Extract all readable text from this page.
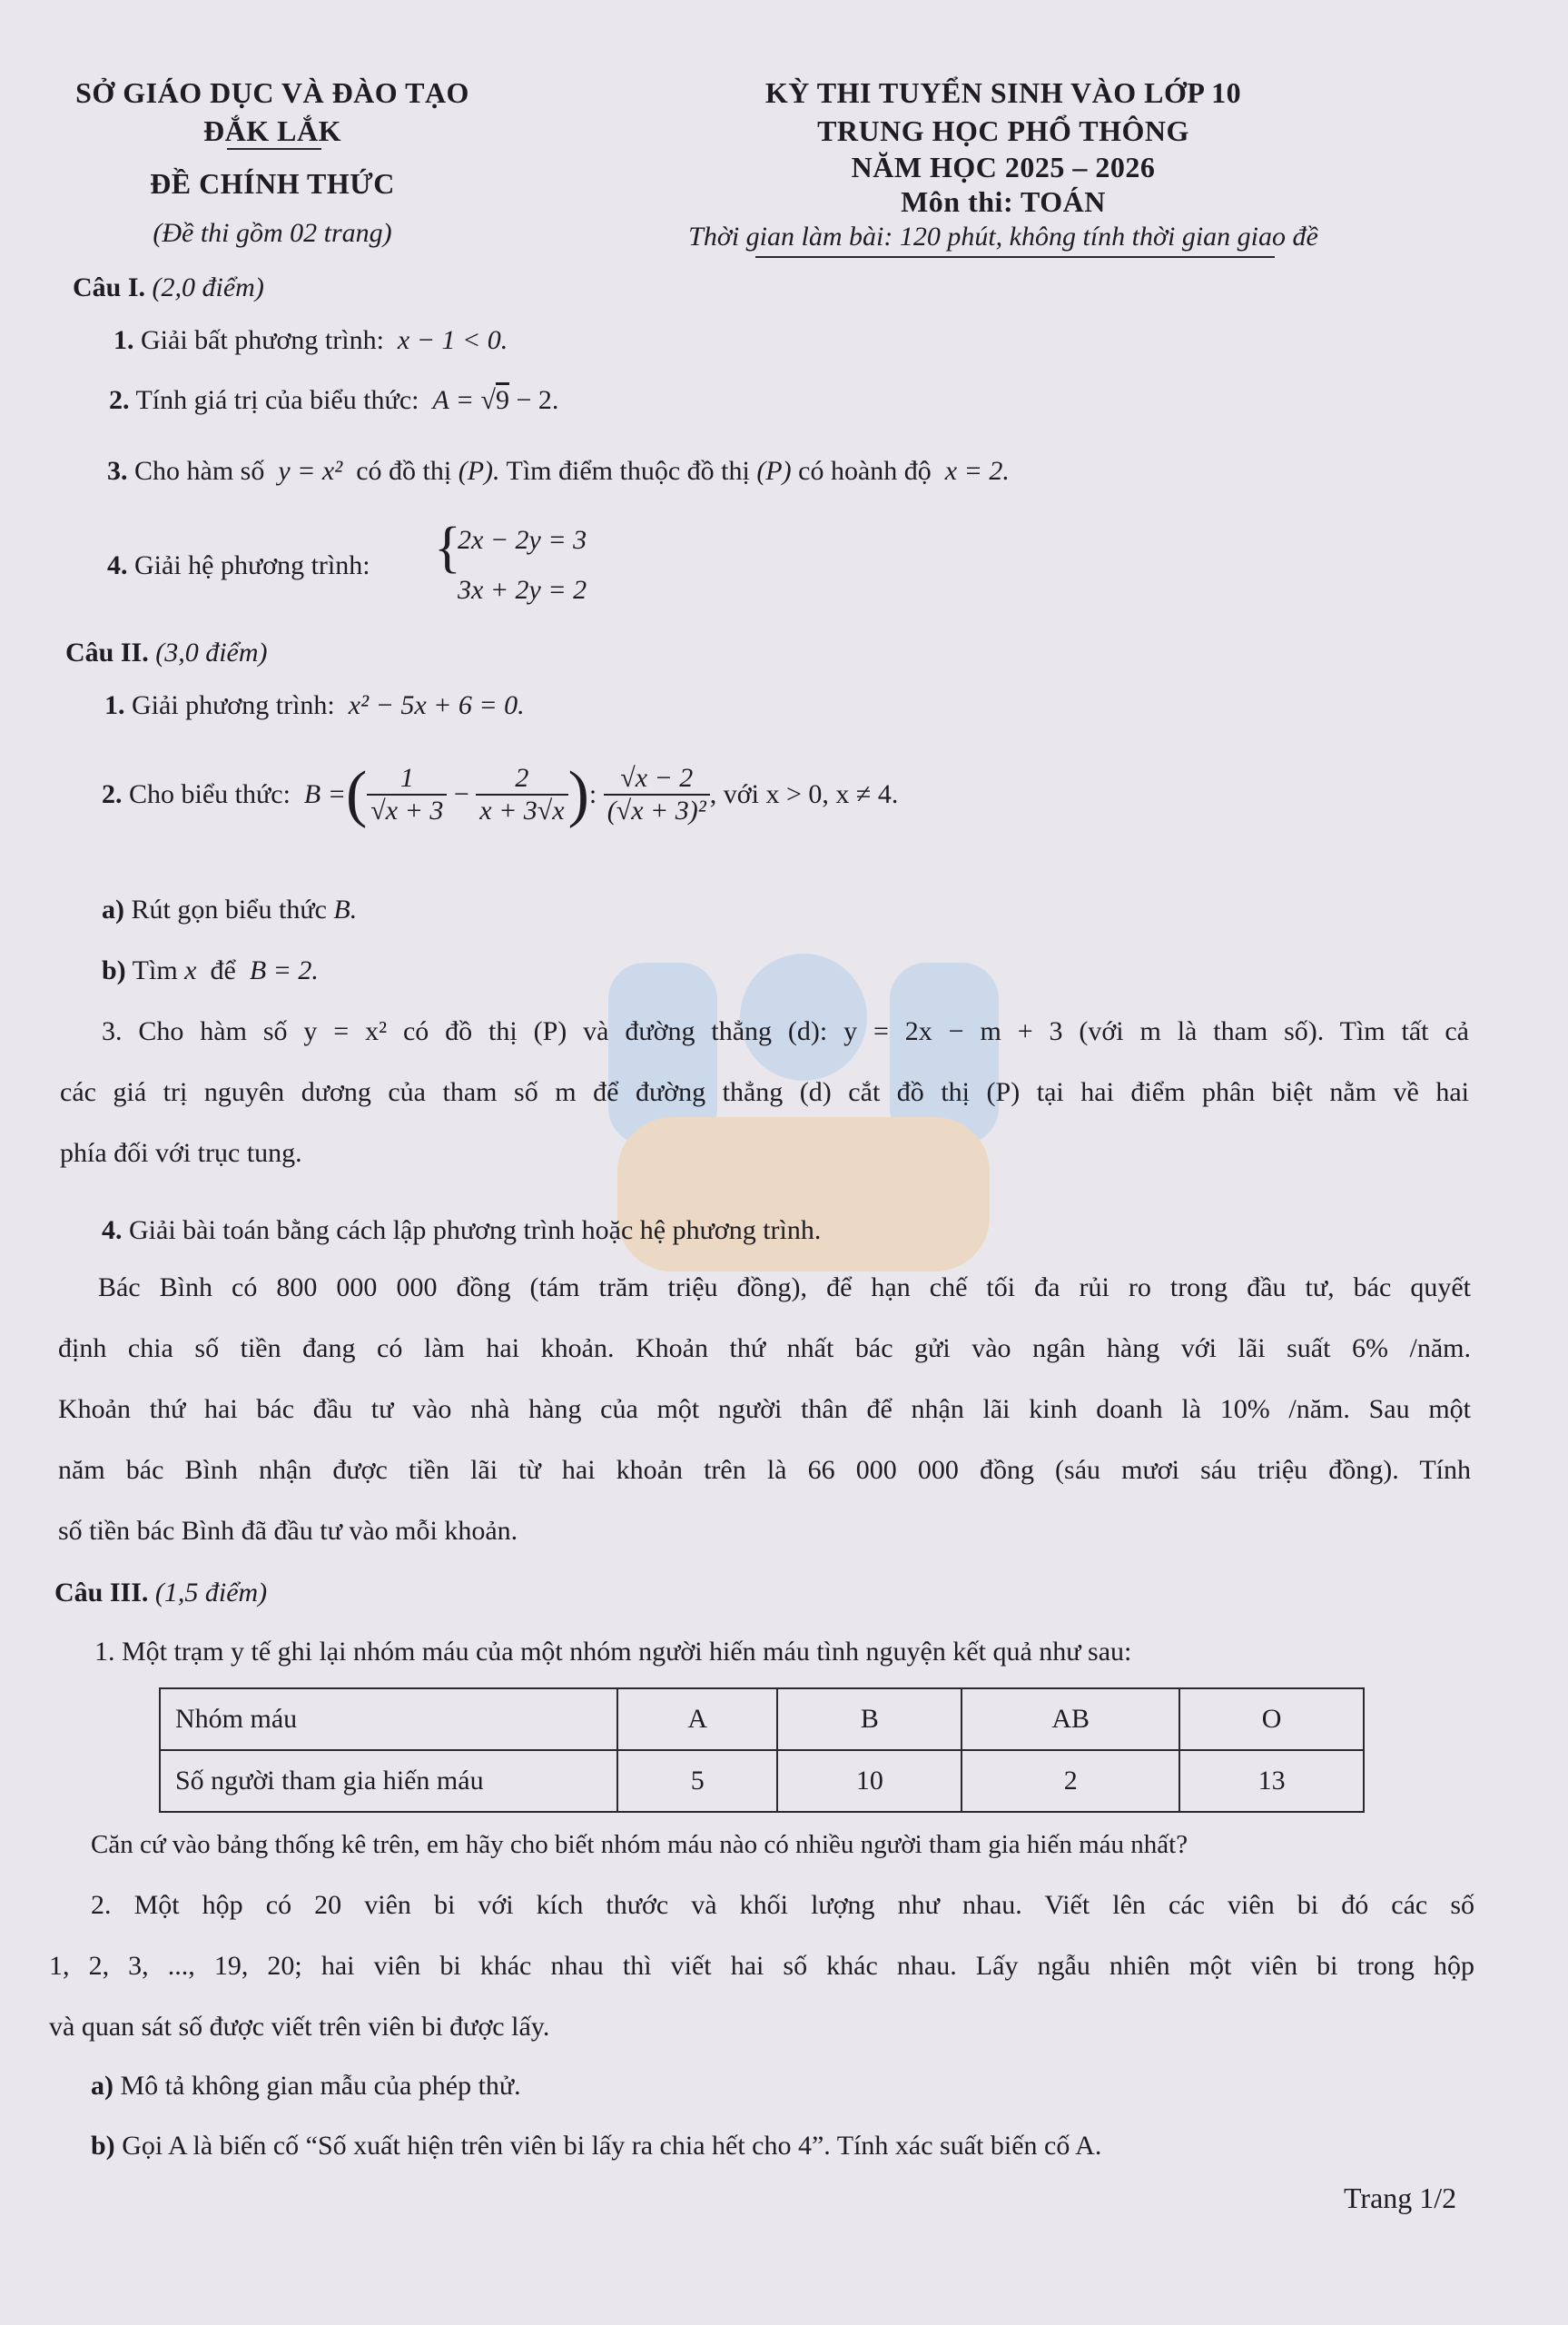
SỞ GIÁO DỤC VÀ ĐÀO TẠO
ĐẮK LẮK
ĐỀ CHÍNH THỨC
(Đề thi gồm 02 trang)
KỲ THI TUYỂN SINH VÀO LỚP 10
TRUNG HỌC PHỔ THÔNG
NĂM HỌC 2025 – 2026
Môn thi: TOÁN
Thời gian làm bài: 120 phút, không tính thời gian giao đề
Câu I. (2,0 điểm)
1. Giải bất phương trình: x − 1 < 0.
2. Tính giá trị của biểu thức: A = √9 − 2.
3. Cho hàm số y = x² có đồ thị (P). Tìm điểm thuộc đồ thị (P) có hoành độ x = 2.
4. Giải hệ phương trình: {
2x − 2y = 3
3x + 2y = 2
Câu II. (3,0 điểm)
1. Giải phương trình: x² − 5x + 6 = 0.
2.
Cho biểu thức:
B = ( $\frac{1}{√x + 3} - \frac{2}{x + 3√x}$ ) : $\frac{√x - 2}{\text{(√x + 3)²}}$ , với x > 0, x ≠ 4.
a) Rút gọn biểu thức B.
b) Tìm x để B = 2.
3. Cho hàm số y = x² có đồ thị (P) và đường thẳng (d): y = 2x − m + 3 (với m là tham số). Tìm tất cả
các giá trị nguyên dương của tham số m để đường thẳng (d) cắt đồ thị (P) tại hai điểm phân biệt nằm về hai
phía đối với trục tung.
4. Giải bài toán bằng cách lập phương trình hoặc hệ phương trình.
Bác Bình có 800 000 000 đồng (tám trăm triệu đồng), để hạn chế tối đa rủi ro trong đầu tư, bác quyết
định chia số tiền đang có làm hai khoản. Khoản thứ nhất bác gửi vào ngân hàng với lãi suất 6% /năm.
Khoản thứ hai bác đầu tư vào nhà hàng của một người thân để nhận lãi kinh doanh là 10% /năm. Sau một
năm bác Bình nhận được tiền lãi từ hai khoản trên là 66 000 000 đồng (sáu mươi sáu triệu đồng). Tính
số tiền bác Bình đã đầu tư vào mỗi khoản.
Câu III. (1,5 điểm)
1. Một trạm y tế ghi lại nhóm máu của một nhóm người hiến máu tình nguyện kết quả như sau:
Nhóm máu	A	B	AB	O
Số người tham gia hiến máu	5	10	2	13
Căn cứ vào bảng thống kê trên, em hãy cho biết nhóm máu nào có nhiều người tham gia hiến máu nhất?
2. Một hộp có 20 viên bi với kích thước và khối lượng như nhau. Viết lên các viên bi đó các số
1, 2, 3, ..., 19, 20; hai viên bi khác nhau thì viết hai số khác nhau. Lấy ngẫu nhiên một viên bi trong hộp
và quan sát số được viết trên viên bi được lấy.
a) Mô tả không gian mẫu của phép thử.
b) Gọi A là biến cố “Số xuất hiện trên viên bi lấy ra chia hết cho 4”. Tính xác suất biến cố A.
Trang 1/2
